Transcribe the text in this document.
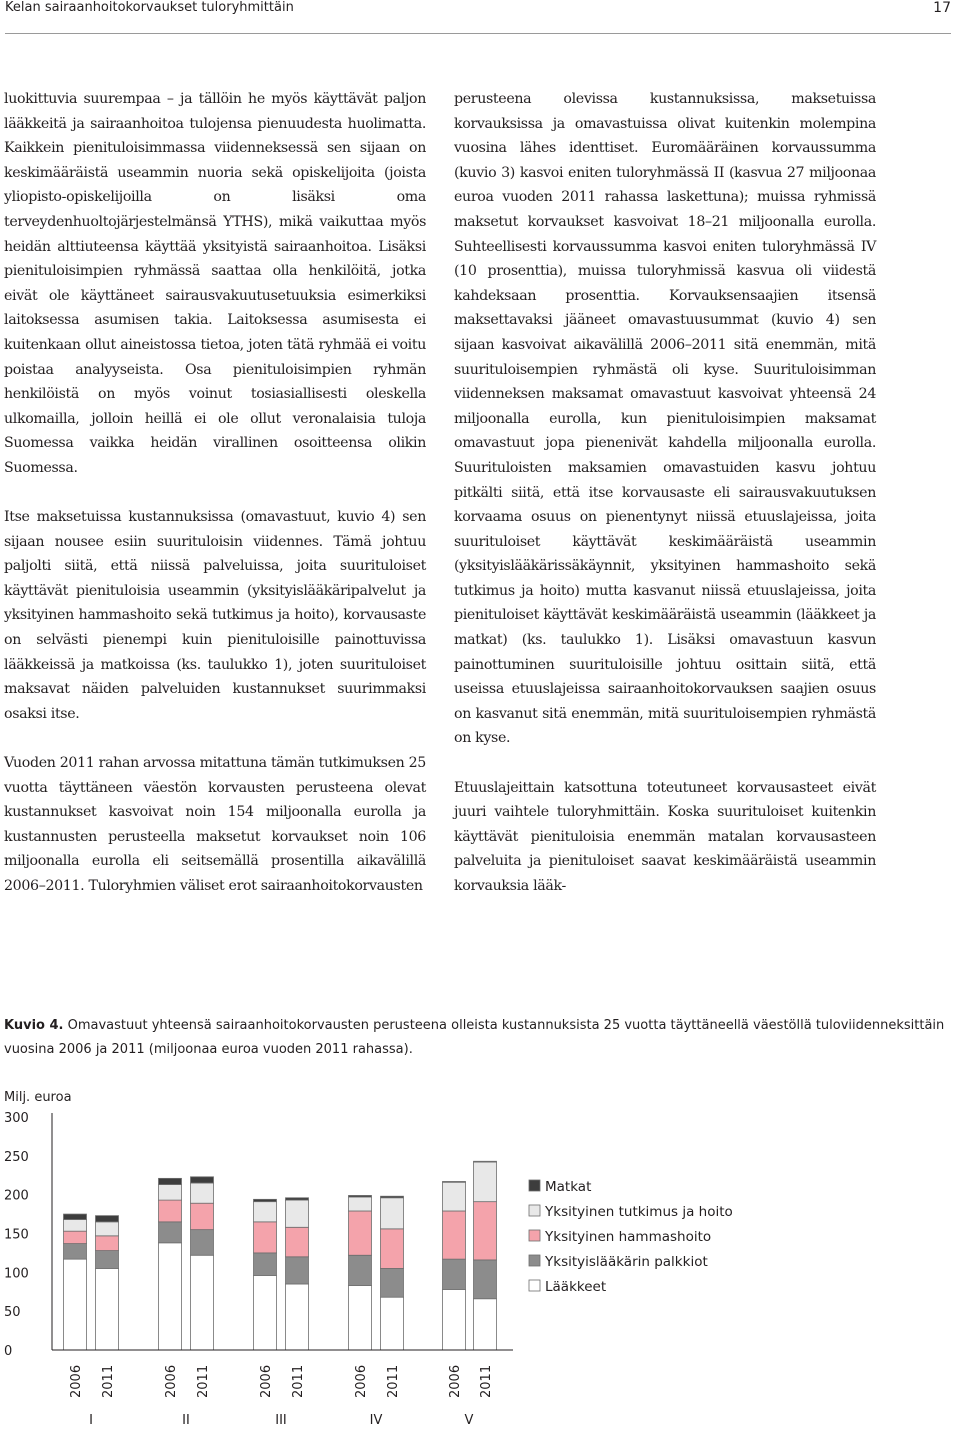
Kelan sairaanhoitokorvaukset tuloryhmittäin	17

luokittuvia suurempaa – ja tällöin he myös käyttävät paljon lääkkeitä ja sairaanhoitoa tulojensa pienuudesta huolimatta. Kaikkein pienituloisimmassa viidenneksessä sen sijaan on keskimääräistä useammin nuoria sekä opiskelijoita (joista yliopisto-opiskelijoilla on lisäksi oma terveydenhuoltojärjestelmänsä YTHS), mikä vaikuttaa myös heidän alttiuteensa käyttää yksityistä sairaanhoitoa. Lisäksi pienituloisimpien ryhmässä saattaa olla henkilöitä, jotka eivät ole käyttäneet sairausvakuutusetuuksia esimerkiksi laitoksessa asumisen takia. Laitoksessa asumisesta ei kuitenkaan ollut aineistossa tietoa, joten tätä ryhmää ei voitu poistaa analyyseista. Osa pienituloisimpien ryhmän henkilöistä on myös voinut tosiasiallisesti oleskella ulkomailla, jolloin heillä ei ole ollut veronalaisia tuloja Suomessa vaikka heidän virallinen osoitteensa olikin Suomessa.

Itse maksetuissa kustannuksissa (omavastuut, kuvio 4) sen sijaan nousee esiin suurituloisin viidennes. Tämä johtuu paljolti siitä, että niissä palveluissa, joita suurituloiset käyttävät pienituloisia useammin (yksityislääkäripalvelut ja yksityinen hammashoito sekä tutkimus ja hoito), korvausaste on selvästi pienempi kuin pienituloisille painottuvissa lääkkeissä ja matkoissa (ks. taulukko 1), joten suurituloiset maksavat näiden palveluiden kustannukset suurimmaksi osaksi itse.

Vuoden 2011 rahan arvossa mitattuna tämän tutkimuksen 25 vuotta täyttäneen väestön korvausten perusteena olevat kustannukset kasvoivat noin 154 miljoonalla eurolla ja kustannusten perusteella maksetut korvaukset noin 106 miljoonalla eurolla eli seitsemällä prosentilla aikavälillä 2006–2011. Tuloryhmien väliset erot sairaanhoitokorvausten

perusteena olevissa kustannuksissa, maksetuissa korvauksissa ja omavastuissa olivat kuitenkin molempina vuosina lähes identtiset. Euromääräinen korvaussumma (kuvio 3) kasvoi eniten tuloryhmässä II (kasvua 27 miljoonaa euroa vuoden 2011 rahassa laskettuna); muissa ryhmissä maksetut korvaukset kasvoivat 18–21 miljoonalla eurolla. Suhteellisesti korvaussumma kasvoi eniten tuloryhmässä IV (10 prosenttia), muissa tuloryhmissä kasvua oli viidestä kahdeksaan prosenttia. Korvauksensaajien itsensä maksettavaksi jääneet omavastuusummat (kuvio 4) sen sijaan kasvoivat aikavälillä 2006–2011 sitä enemmän, mitä suurituloisempien ryhmästä oli kyse. Suurituloisimman viidenneksen maksamat omavastuut kasvoivat yhteensä 24 miljoonalla eurolla, kun pienituloisimpien maksamat omavastuut jopa pienenivät kahdella miljoonalla eurolla. Suurituloisten maksamien omavastuiden kasvu johtuu pitkälti siitä, että itse korvausaste eli sairausvakuutuksen korvaama osuus on pienentynyt niissä etuuslajeissa, joita suurituloiset käyttävät keskimääräistä useammin (yksityislääkärissäkäynnit, yksityinen hammashoito sekä tutkimus ja hoito) mutta kasvanut niissä etuuslajeissa, joita pienituloiset käyttävät keskimääräistä useammin (lääkkeet ja matkat) (ks. taulukko 1). Lisäksi omavastuun kasvun painottuminen suurituloisille johtuu osittain siitä, että useissa etuuslajeissa sairaanhoitokorvauksen saajien osuus on kasvanut sitä enemmän, mitä suurituloisempien ryhmästä on kyse.

Etuuslajeittain katsottuna toteutuneet korvausasteet eivät juuri vaihtele tuloryhmittäin. Koska suurituloiset kuitenkin käyttävät pienituloisia enemmän matalan korvausasteen palveluita ja pienituloiset saavat keskimääräistä useammin korvauksia lääk-

Kuvio 4. Omavastuut yhteensä sairaanhoitokorvausten perusteena olleista kustannuksista 25 vuotta täyttäneellä väestöllä tuloviidenneksittäin vuosina 2006 ja 2011 (miljoonaa euroa vuoden 2011 rahassa).
Milj. euroa
0
50
100
150
200
250
300
2006 2011	2006 2011	2006 2011	2006 2011	2006 2011
I	II	III	IV	V
Matkat
Yksityinen tutkimus ja hoito
Yksityinen hammashoito
Yksityislääkärin palkkiot
Lääkkeet
